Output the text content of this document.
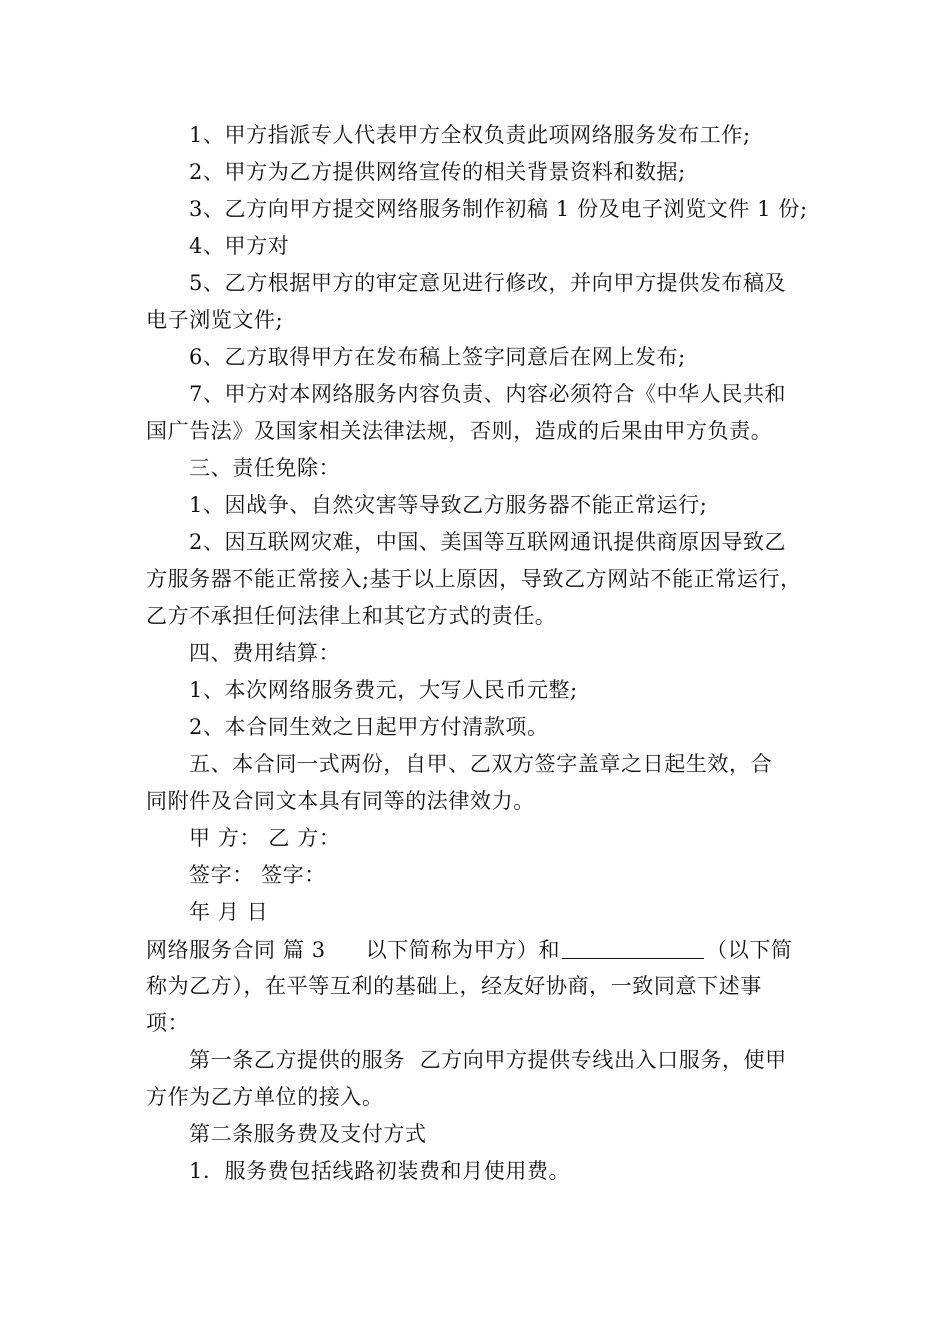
1、甲方指派专人代表甲方全权负责此项网络服务发布工作;
2、甲方为乙方提供网络宣传的相关背景资料和数据;
3、乙方向甲方提交网络服务制作初稿 1 份及电子浏览文件 1 份;
4、甲方对
5、乙方根据甲方的审定意见进行修改，并向甲方提供发布稿及
电子浏览文件;
6、乙方取得甲方在发布稿上签字同意后在网上发布;
7、甲方对本网络服务内容负责、内容必须符合《中华人民共和
国广告法》及国家相关法律法规，否则，造成的后果由甲方负责。
三、责任免除：
1、因战争、自然灾害等导致乙方服务器不能正常运行;
2、因互联网灾难，中国、美国等互联网通讯提供商原因导致乙
方服务器不能正常接入;基于以上原因，导致乙方网站不能正常运行，
乙方不承担任何法律上和其它方式的责任。
四、费用结算：
1、本次网络服务费元，大写人民币元整;
2、本合同生效之日起甲方付清款项。
五、本合同一式两份，自甲、乙双方签字盖章之日起生效，合
同附件及合同文本具有同等的法律效力。
甲 方： 乙 方：
签字： 签字：
年 月 日
网络服务合同 篇 3 以下简称为甲方）和	（以下简
称为乙方），在平等互利的基础上，经友好协商，一致同意下述事
项：
第一条乙方提供的服务 乙方向甲方提供专线出入口服务，使甲
方作为乙方单位的接入。
第二条服务费及支付方式
1．服务费包括线路初装费和月使用费。
